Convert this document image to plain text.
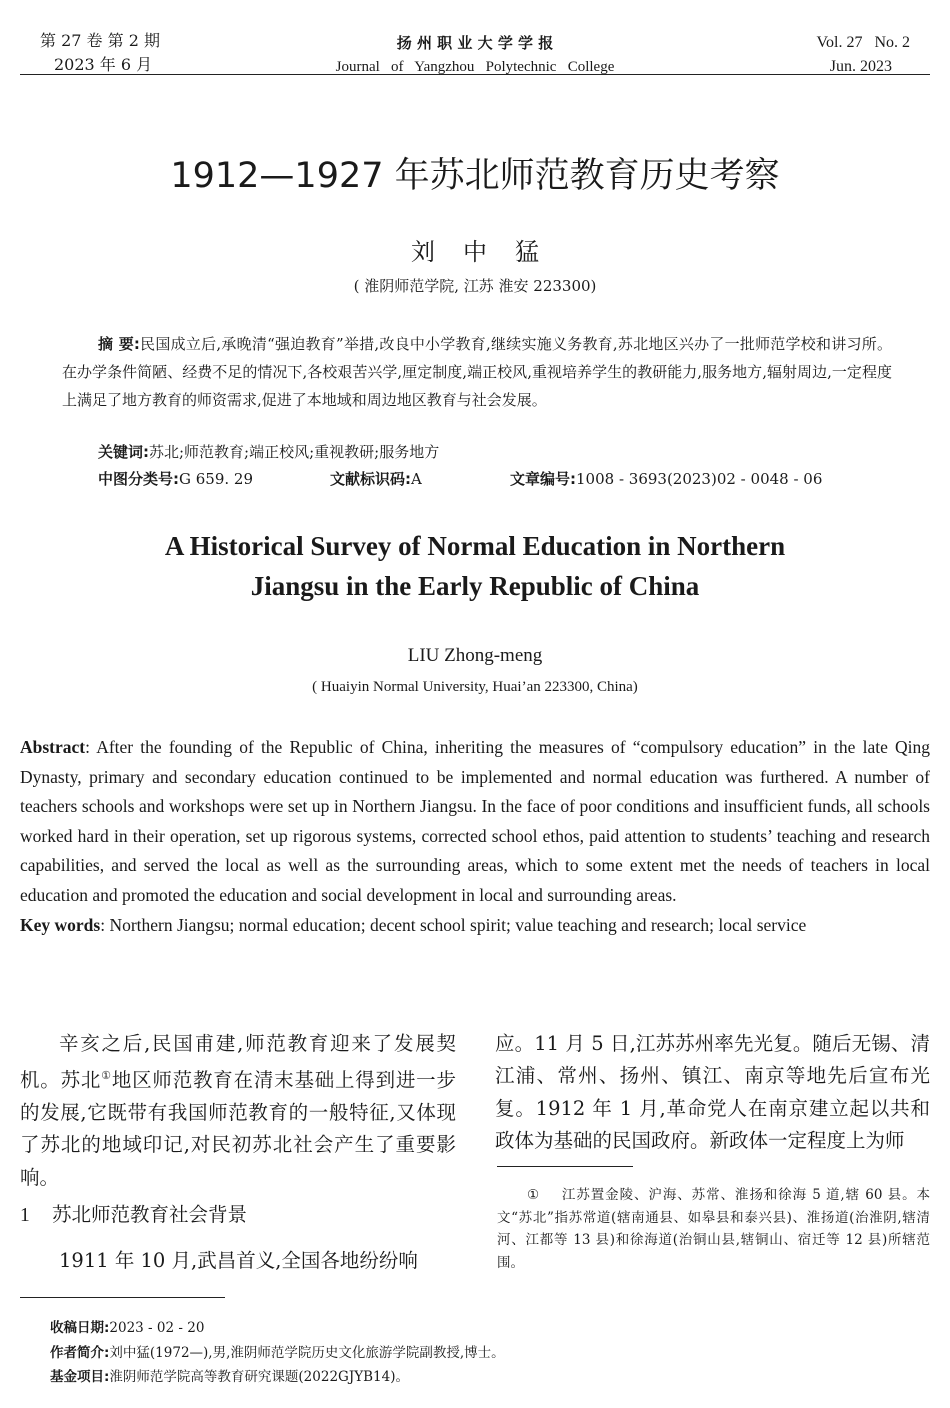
第 27 卷 第 2 期
2023 年 6 月
扬 州 职 业 大 学 学 报
Journal   of   Yangzhou   Polytechnic   College
Vol. 27   No. 2
Jun. 2023
1912—1927 年苏北师范教育历史考察
刘中猛
( 淮阴师范学院, 江苏 淮安 223300)
摘 要:民国成立后,承晚清“强迫教育”举措,改良中小学教育,继续实施义务教育,苏北地区兴办了一批师范学校和讲习所。在办学条件简陋、经费不足的情况下,各校艰苦兴学,厘定制度,端正校风,重视培养学生的教研能力,服务地方,辐射周边,一定程度上满足了地方教育的师资需求,促进了本地域和周边地区教育与社会发展。
关键词:苏北;师范教育;端正校风;重视教研;服务地方
中图分类号:G 659. 29	文献标识码:A	文章编号:1008 - 3693(2023)02 - 0048 - 06
A Historical Survey of Normal Education in Northern
Jiangsu in the Early Republic of China
LIU Zhong-meng
( Huaiyin Normal University, Huai’an 223300, China)
Abstract: After the founding of the Republic of China, inheriting the measures of “compulsory education” in the late Qing Dynasty, primary and secondary education continued to be implemented and normal education was furthered. A number of teachers schools and workshops were set up in Northern Jiangsu. In the face of poor conditions and insufficient funds, all schools worked hard in their operation, set up rigorous systems, corrected school ethos, paid attention to students’ teaching and research capabilities, and served the local as well as the surrounding areas, which to some extent met the needs of teachers in local education and promoted the education and social development in local and surrounding areas.
Key words: Northern Jiangsu; normal education; decent school spirit; value teaching and research; local service
辛亥之后,民国甫建,师范教育迎来了发展契机。苏北①地区师范教育在清末基础上得到进一步的发展,它既带有我国师范教育的一般特征,又体现了苏北的地域印记,对民初苏北社会产生了重要影响。
1 苏北师范教育社会背景
1911 年 10 月,武昌首义,全国各地纷纷响
应。11 月 5 日,江苏苏州率先光复。随后无锡、清江浦、常州、扬州、镇江、南京等地先后宣布光复。1912 年 1 月,革命党人在南京建立起以共和政体为基础的民国政府。新政体一定程度上为师
① 江苏置金陵、沪海、苏常、淮扬和徐海 5 道,辖 60 县。本文“苏北”指苏常道(辖南通县、如皋县和泰兴县)、淮扬道(治淮阴,辖清河、江都等 13 县)和徐海道(治铜山县,辖铜山、宿迁等 12 县)所辖范围。
收稿日期:2023 - 02 - 20
作者简介:刘中猛(1972—),男,淮阴师范学院历史文化旅游学院副教授,博士。
基金项目:淮阴师范学院高等教育研究课题(2022GJYB14)。
